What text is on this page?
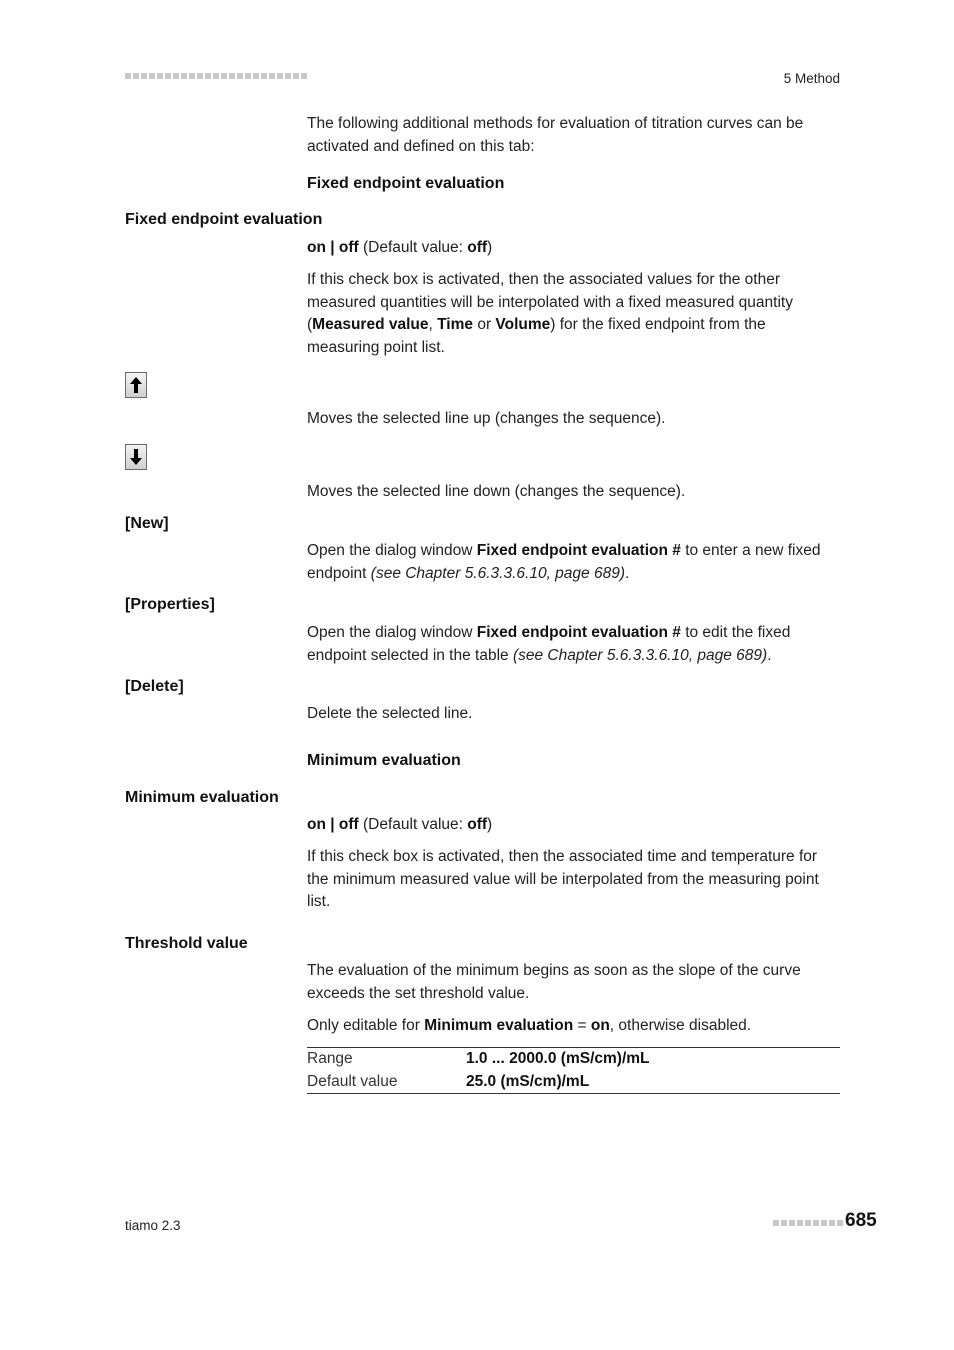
5 Method
The following additional methods for evaluation of titration curves can be activated and defined on this tab:
Fixed endpoint evaluation
Fixed endpoint evaluation
on | off (Default value: off)
If this check box is activated, then the associated values for the other measured quantities will be interpolated with a fixed measured quantity (Measured value, Time or Volume) for the fixed endpoint from the measuring point list.
Moves the selected line up (changes the sequence).
Moves the selected line down (changes the sequence).
[New]
Open the dialog window Fixed endpoint evaluation # to enter a new fixed endpoint (see Chapter 5.6.3.3.6.10, page 689).
[Properties]
Open the dialog window Fixed endpoint evaluation # to edit the fixed endpoint selected in the table (see Chapter 5.6.3.3.6.10, page 689).
[Delete]
Delete the selected line.
Minimum evaluation
Minimum evaluation
on | off (Default value: off)
If this check box is activated, then the associated time and temperature for the minimum measured value will be interpolated from the measuring point list.
Threshold value
The evaluation of the minimum begins as soon as the slope of the curve exceeds the set threshold value.
Only editable for Minimum evaluation = on, otherwise disabled.
Range	1.0 ... 2000.0 (mS/cm)/mL
Default value	25.0 (mS/cm)/mL
tiamo 2.3	685
